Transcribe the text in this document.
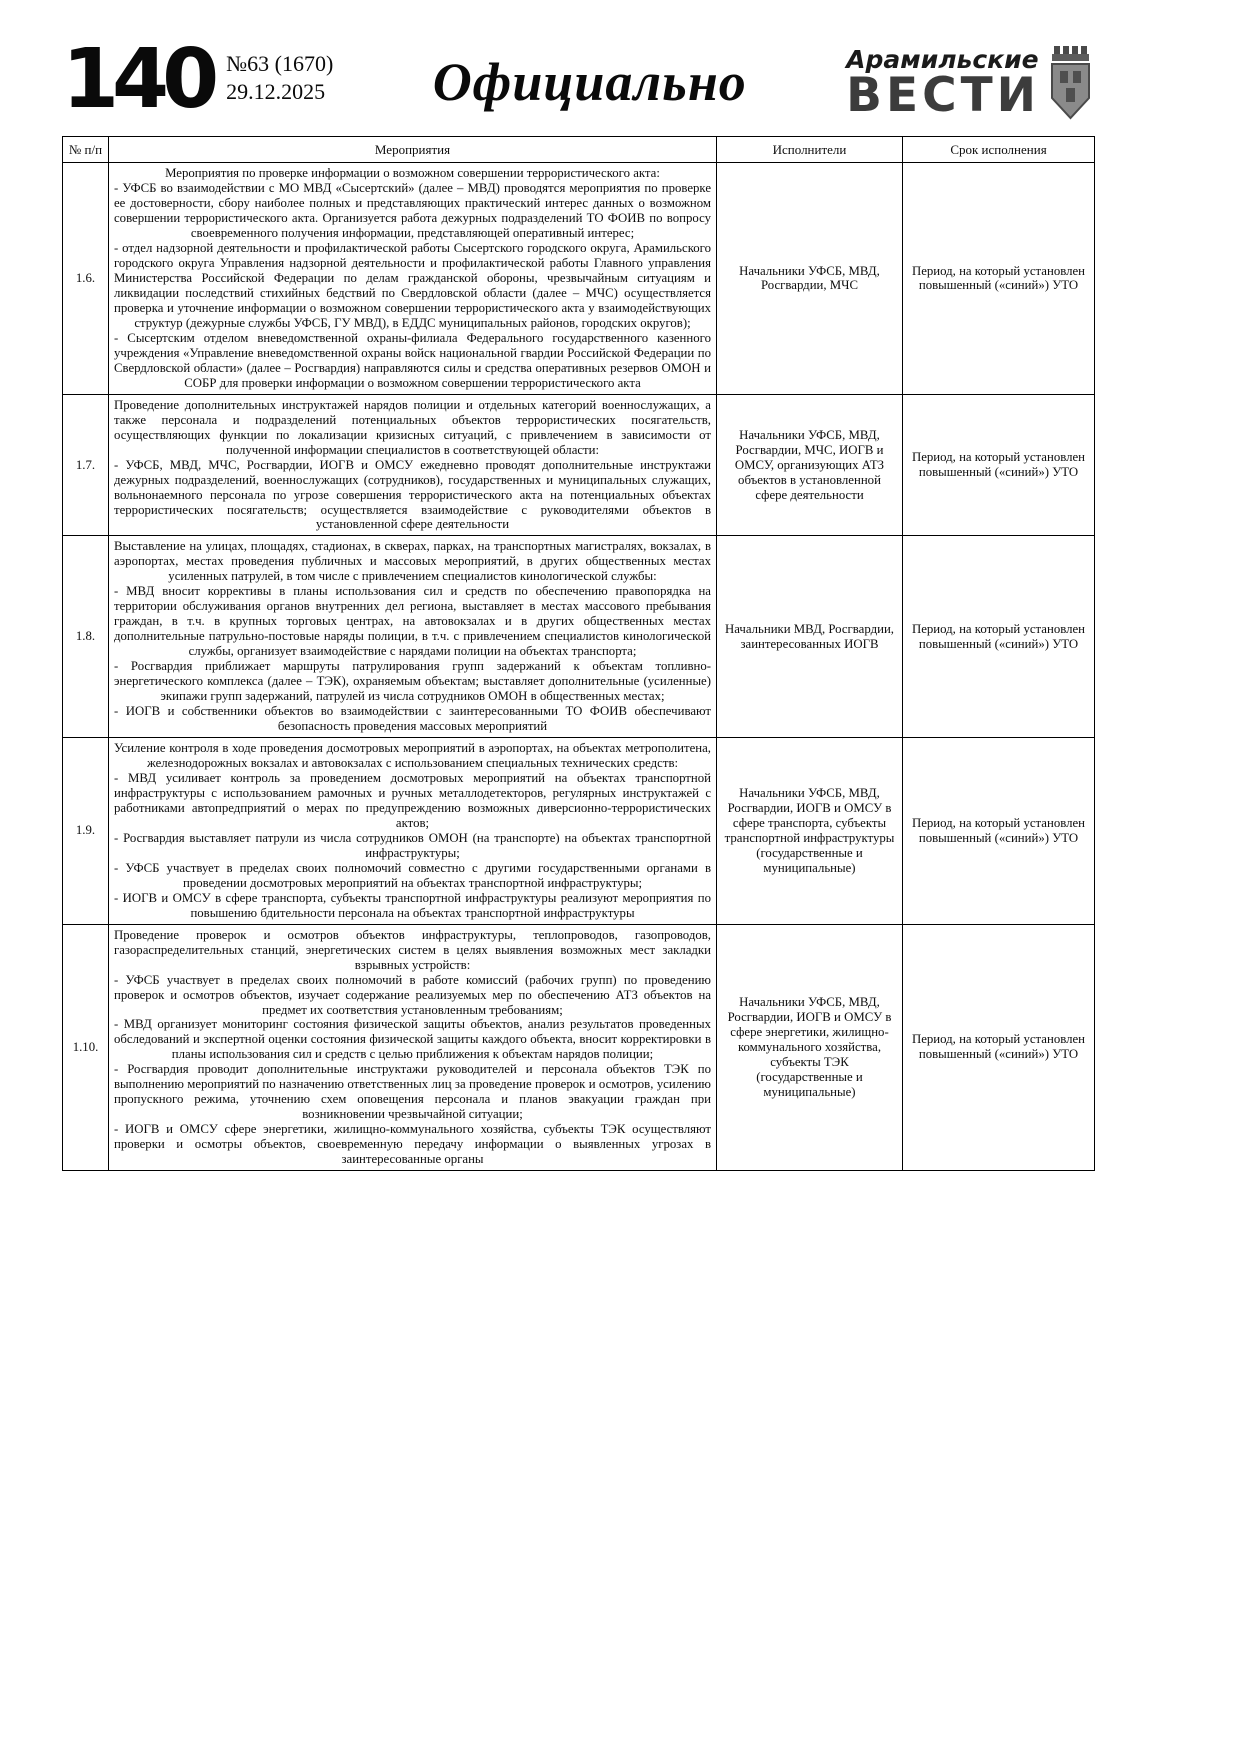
140 №63 (1670)
29.12.2025 Официально	Арамильские
ВЕСТИ
№ п/п	Мероприятия	Исполнители	Срок исполнения
1.6.	Мероприятия по проверке информации о возможном совершении террористического акта:
- УФСБ во взаимодействии с МО МВД «Сысертский» (далее – МВД) проводятся мероприятия по проверке ее достоверности, сбору наиболее полных и представляющих практический интерес данных о возможном совершении террористического акта. Организуется работа дежурных подразделений ТО ФОИВ по вопросу своевременного получения информации, представляющей оперативный интерес;
- отдел надзорной деятельности и профилактической работы Сысертского городского округа, Арамильского городского округа Управления надзорной деятельности и профилактической работы Главного управления Министерства Российской Федерации по делам гражданской обороны, чрезвычайным ситуациям и ликвидации последствий стихийных бедствий по Свердловской области (далее – МЧС) осуществляется проверка и уточнение информации о возможном совершении террористического акта у взаимодействующих структур (дежурные службы УФСБ, ГУ МВД), в ЕДДС муниципальных районов, городских округов);
- Сысертским отделом вневедомственной охраны-филиала Федерального государственного казенного учреждения «Управление вневедомственной охраны войск национальной гвардии Российской Федерации по Свердловской области» (далее – Росгвардия) направляются силы и средства оперативных резервов ОМОН и СОБР для проверки информации о возможном совершении террористического акта	Начальники УФСБ, МВД, Росгвардии, МЧС	Период, на который установлен повышенный («синий») УТО
1.7.	Проведение дополнительных инструктажей нарядов полиции и отдельных категорий военнослужащих, а также персонала и подразделений потенциальных объектов террористических посягательств, осуществляющих функции по локализации кризисных ситуаций, с привлечением в зависимости от полученной информации специалистов в соответствующей области:
- УФСБ, МВД, МЧС, Росгвардии, ИОГВ и ОМСУ ежедневно проводят дополнительные инструктажи дежурных подразделений, военнослужащих (сотрудников), государственных и муниципальных служащих, вольнонаемного персонала по угрозе совершения террористического акта на потенциальных объектах террористических посягательств; осуществляется взаимодействие с руководителями объектов в установленной сфере деятельности	Начальники УФСБ, МВД, Росгвардии, МЧС, ИОГВ и ОМСУ, организующих АТЗ объектов в установленной сфере деятельности	Период, на который установлен повышенный («синий») УТО
1.8.	Выставление на улицах, площадях, стадионах, в скверах, парках, на транспортных магистралях, вокзалах, в аэропортах, местах проведения публичных и массовых мероприятий, в других общественных местах усиленных патрулей, в том числе с привлечением специалистов кинологической службы:
- МВД вносит коррективы в планы использования сил и средств по обеспечению правопорядка на территории обслуживания органов внутренних дел региона, выставляет в местах массового пребывания граждан, в т.ч. в крупных торговых центрах, на автовокзалах и в других общественных местах дополнительные патрульно-постовые наряды полиции, в т.ч. с привлечением специалистов кинологической службы, организует взаимодействие с нарядами полиции на объектах транспорта;
- Росгвардия приближает маршруты патрулирования групп задержаний к объектам топливно-энергетического комплекса (далее – ТЭК), охраняемым объектам; выставляет дополнительные (усиленные) экипажи групп задержаний, патрулей из числа сотрудников ОМОН в общественных местах;
- ИОГВ и собственники объектов во взаимодействии с заинтересованными ТО ФОИВ обеспечивают безопасность проведения массовых мероприятий	Начальники МВД, Росгвардии, заинтересованных ИОГВ	Период, на который установлен повышенный («синий») УТО
1.9.	Усиление контроля в ходе проведения досмотровых мероприятий в аэропортах, на объектах метрополитена, железнодорожных вокзалах и автовокзалах с использованием специальных технических средств:
- МВД усиливает контроль за проведением досмотровых мероприятий на объектах транспортной инфраструктуры с использованием рамочных и ручных металлодетекторов, регулярных инструктажей с работниками автопредприятий о мерах по предупреждению возможных диверсионно-террористических актов;
- Росгвардия выставляет патрули из числа сотрудников ОМОН (на транспорте) на объектах транспортной инфраструктуры;
- УФСБ участвует в пределах своих полномочий совместно с другими государственными органами в проведении досмотровых мероприятий на объектах транспортной инфраструктуры;
- ИОГВ и ОМСУ в сфере транспорта, субъекты транспортной инфраструктуры реализуют мероприятия по повышению бдительности персонала на объектах транспортной инфраструктуры	Начальники УФСБ, МВД, Росгвардии, ИОГВ и ОМСУ в сфере транспорта, субъекты транспортной инфраструктуры (государственные и муниципальные)	Период, на который установлен повышенный («синий») УТО
1.10.	Проведение проверок и осмотров объектов инфраструктуры, теплопроводов, газопроводов, газораспределительных станций, энергетических систем в целях выявления возможных мест закладки взрывных устройств:
- УФСБ участвует в пределах своих полномочий в работе комиссий (рабочих групп) по проведению проверок и осмотров объектов, изучает содержание реализуемых мер по обеспечению АТЗ объектов на предмет их соответствия установленным требованиям;
- МВД организует мониторинг состояния физической защиты объектов, анализ результатов проведенных обследований и экспертной оценки состояния физической защиты каждого объекта, вносит корректировки в планы использования сил и средств с целью приближения к объектам нарядов полиции;
- Росгвардия проводит дополнительные инструктажи руководителей и персонала объектов ТЭК по выполнению мероприятий по назначению ответственных лиц за проведение проверок и осмотров, усилению пропускного режима, уточнению схем оповещения персонала и планов эвакуации граждан при возникновении чрезвычайной ситуации;
- ИОГВ и ОМСУ сфере энергетики, жилищно-коммунального хозяйства, субъекты ТЭК осуществляют проверки и осмотры объектов, своевременную передачу информации о выявленных угрозах в заинтересованные органы	Начальники УФСБ, МВД, Росгвардии, ИОГВ и ОМСУ в сфере энергетики, жилищно-коммунального хозяйства, субъекты ТЭК (государственные и муниципальные)	Период, на который установлен повышенный («синий») УТО
